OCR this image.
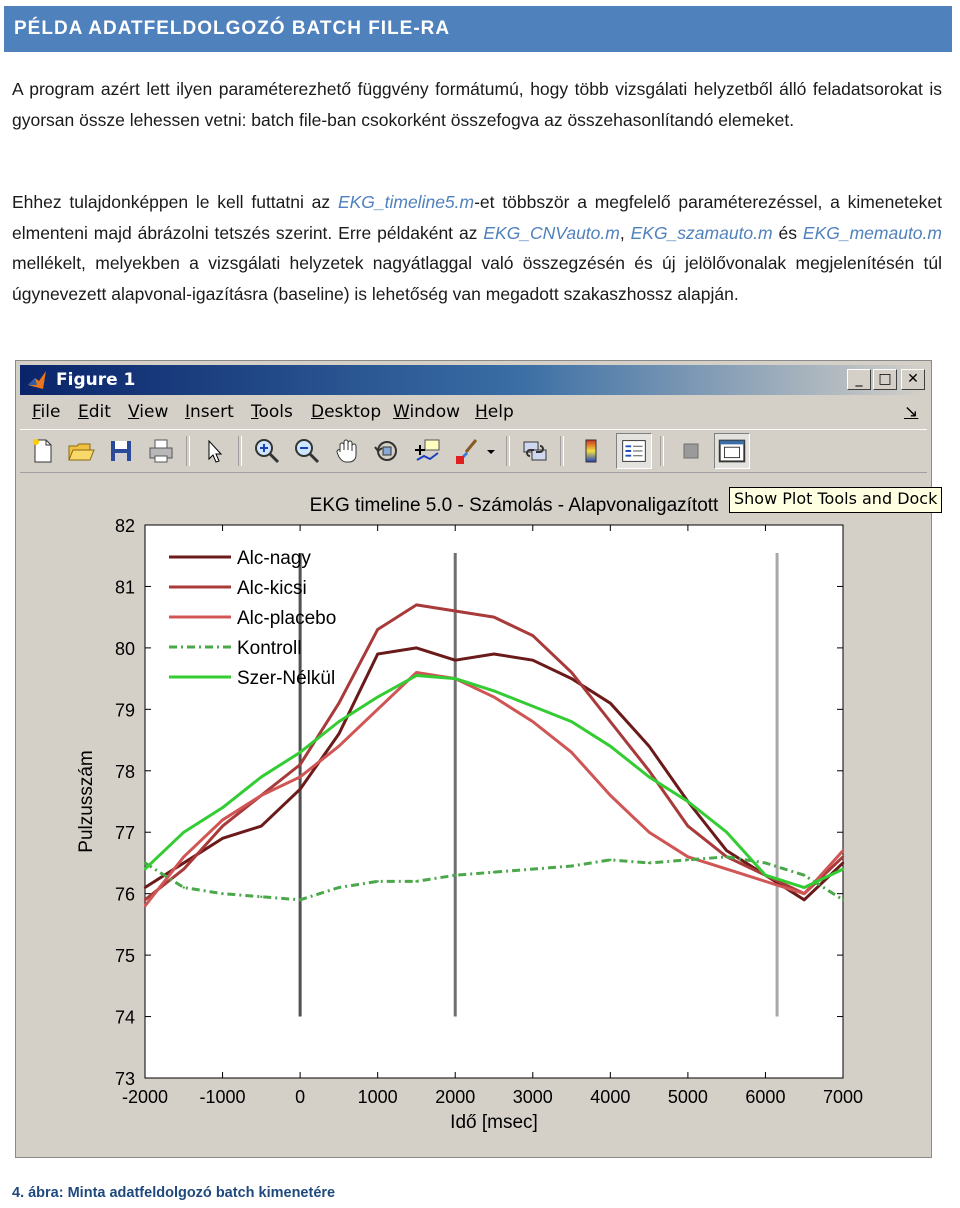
PÉLDA ADATFELDOLGOZÓ BATCH FILE-RA
A program azért lett ilyen paraméterezhető függvény formátumú, hogy több vizsgálati helyzetből álló feladatsorokat is gyorsan össze lehessen vetni: batch file-ban csokorként összefogva az összehasonlítandó elemeket.
Ehhez tulajdonképpen le kell futtatni az EKG_timeline5.m-et többször a megfelelő paraméterezéssel, a kimeneteket elmenteni majd ábrázolni tetszés szerint. Erre példaként az EKG_CNVauto.m, EKG_szamauto.m és EKG_memauto.m mellékelt, melyekben a vizsgálati helyzetek nagyátlaggal való összegzésén és új jelölővonalak megjelenítésén túl úgynevezett alapvonal-igazításra (baseline) is lehetőség van megadott szakaszhossz alapján.
Figure 1	_	□	✕
File Edit View Insert Tools Desktop Window Help	↘
EKG timeline 5.0 - Számolás - Alapvonaligazított
-2000 -1000	0	1000 2000 3000 4000 5000 6000 7000
73
74
75
76
77
78
79
80
81
82
Idő [msec]
Pulzusszám
Alc-nagy
Alc-kicsi
Alc-placebo
Kontroll
Szer-Nélkül
Show Plot Tools and Dock
4. ábra: Minta adatfeldolgozó batch kimenetére
